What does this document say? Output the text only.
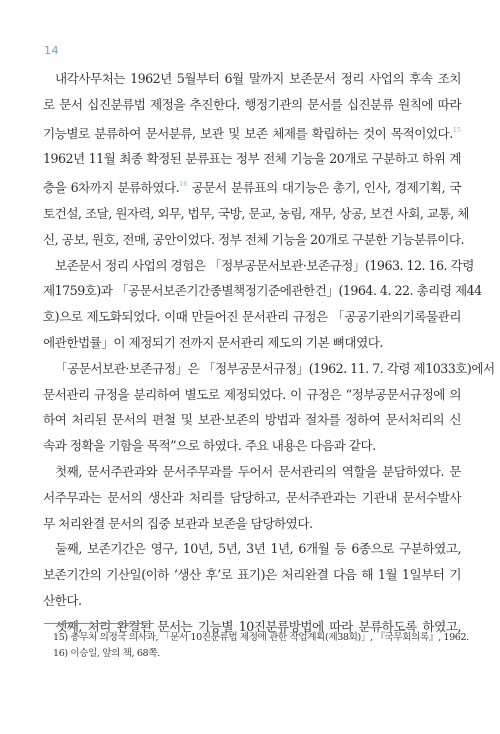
14
내각사무처는 1962년 5월부터 6월 말까지 보존문서 정리 사업의 후속 조치
로 문서 십진분류법 제정을 추진한다. 행정기관의 문서를 십진분류 원칙에 따라
기능별로 분류하여 문서분류, 보관 및 보존 체제를 확립하는 것이 목적이었다.$^{15}$
1962년 11월 최종 확정된 분류표는 정부 전체 기능을 20개로 구분하고 하위 계
층을 6차까지 분류하였다.$^{16}$ 공문서 분류표의 대기능은 총기, 인사, 경제기획, 국
토건설, 조달, 원자력, 외무, 법무, 국방, 문교, 농림, 재무, 상공, 보건 사회, 교통, 체
신, 공보, 원호, 전매, 공안이었다. 정부 전체 기능을 20개로 구분한 기능분류이다.
보존문서 정리 사업의 경험은 「정부공문서보관·보존규정」(1963. 12. 16. 각령
제1759호)과 「공문서보존기간종별책정기준에관한건」(1964. 4. 22. 총리령 제44
호)으로 제도화되었다. 이때 만들어진 문서관리 규정은 「공공기관의기록물관리
에관한법률」이 제정되기 전까지 문서관리 제도의 기본 뼈대였다.
「공문서보관·보존규정」은 「정부공문서규정」(1962. 11. 7. 각령 제1033호)에서
문서관리 규정을 분리하여 별도로 제정되었다. 이 규정은 “정부공문서규정에 의
하여 처리된 문서의 편철 및 보관·보존의 방법과 절차를 정하여 문서처리의 신
속과 정확을 기함을 목적”으로 하였다. 주요 내용은 다음과 같다.
첫째, 문서주관과와 문서주무과를 두어서 문서관리의 역할을 분담하였다. 문
서주무과는 문서의 생산과 처리를 담당하고, 문서주관과는 기관내 문서수발사
무 처리완결 문서의 집중 보관과 보존을 담당하였다.
둘째, 보존기간은 영구, 10년, 5년, 3년 1년, 6개월 등 6종으로 구분하였고,
보존기간의 기산일(이하 ‘생산 후’로 표기)은 처리완결 다음 해 1월 1일부터 기
산한다.
셋째, 처리 완결된 문서는 기능별 10진분류방법에 따라 분류하도록 하였고,
15) 총무처 의정국 의사과, 「문서 10진분류법 제정에 관한 작업계획(제38회)」, 『국무회의록』, 1962.
16) 이승일, 앞의 책, 68쪽.
